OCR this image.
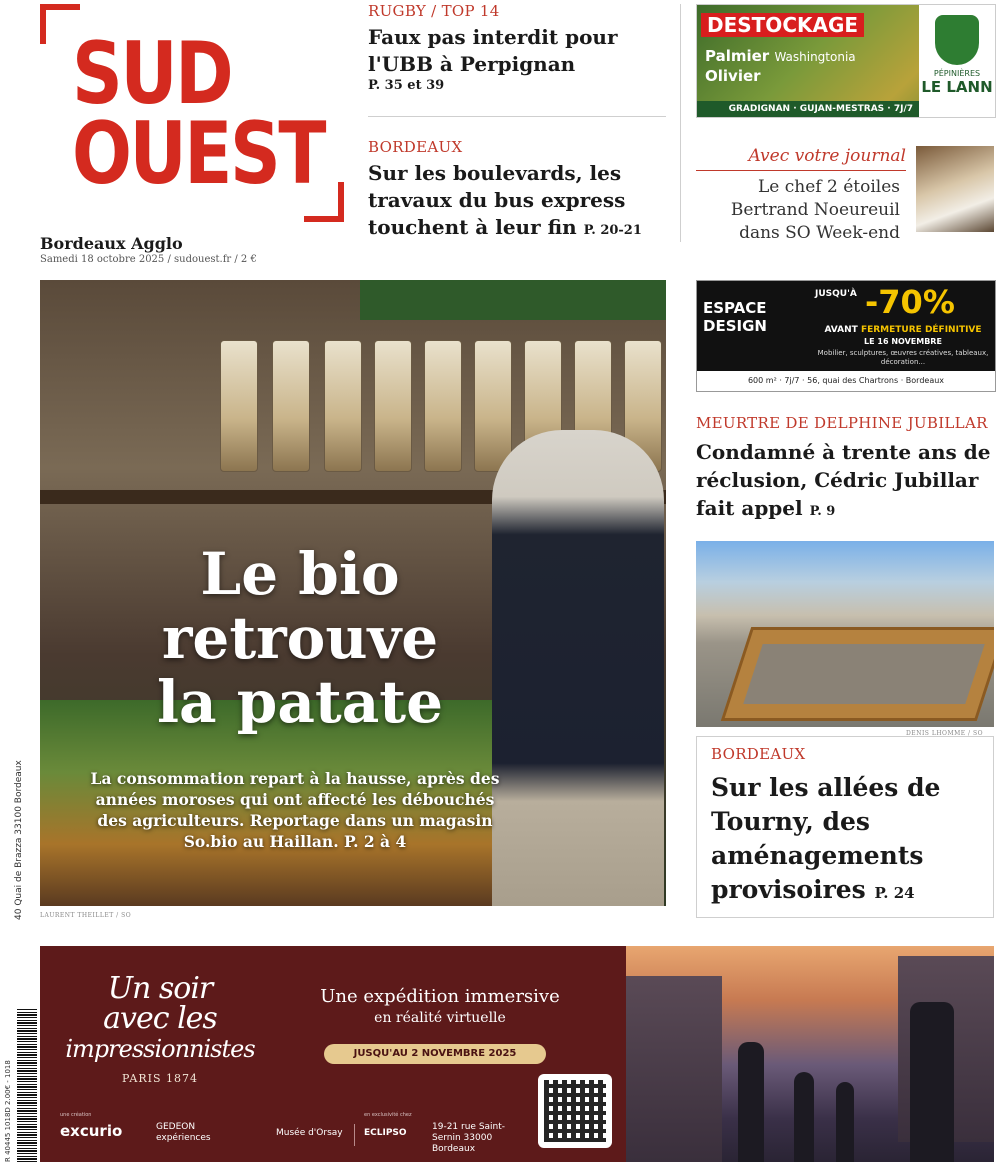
SUD
OUEST
Bordeaux Agglo
Samedi 18 octobre 2025 / sudouest.fr / 2 €
RUGBY / TOP 14
Faux pas interdit pour l'UBB à Perpignan
P. 35 et 39
BORDEAUX
Sur les boulevards, les travaux du bus express touchent à leur fin P. 20-21
DESTOCKAGE
Palmier Washingtonia
Olivier
GRADIGNAN · GUJAN-MESTRAS · 7J/7
PÉPINIÈRES
LE LANN
Avec votre journal
Le chef 2 étoiles Bertrand Noeureuil dans SO Week-end
Le bio
retrouve
la patate
La consommation repart à la hausse, après des années moroses qui ont affecté les débouchés des agriculteurs. Reportage dans un magasin So.bio au Haillan. P. 2 à 4
LAURENT THEILLET / SO
ESPACE
DESIGN
JUSQU'À -70%
AVANT FERMETURE DÉFINITIVE
LE 16 NOVEMBRE
Mobilier, sculptures, œuvres créatives, tableaux, décoration...
600 m² · 7j/7 · 56, quai des Chartrons · Bordeaux
MEURTRE DE DELPHINE JUBILLAR
Condamné à trente ans de réclusion, Cédric Jubillar fait appel P. 9
DENIS LHOMME / SO
BORDEAUX
Sur les allées de Tourny, des aménagements provisoires P. 24
Un soir
avec les
impressionnistes
PARIS 1874
Une expédition immersive
en réalité virtuelle
JUSQU'AU 2 NOVEMBRE 2025
une création
excurio	GEDEON expériences	Musée d'Orsay
en exclusivité chez
ECLIPSO
19-21 rue Saint-Sernin 33000 Bordeaux
40 Quai de Brazza 33100 Bordeaux
R 40445 1018D 2.00€ - 1018
